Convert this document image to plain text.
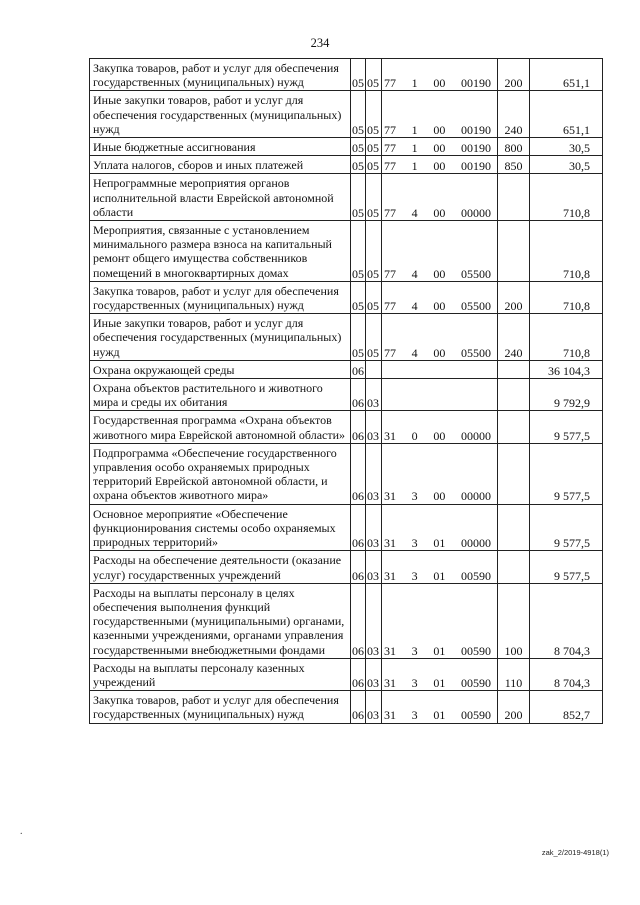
234
Закупка товаров, работ и услуг для обеспечения государственных (муниципальных) нужд	05	05	77 1 00 00190	200	651,1
Иные закупки товаров, работ и услуг для обеспечения государственных (муниципальных) нужд	05	05	77 1 00 00190	240	651,1
Иные бюджетные ассигнования	05	05	77 1 00 00190	800	30,5
Уплата налогов, сборов и иных платежей	05	05	77 1 00 00190	850	30,5
Непрограммные мероприятия органов исполнительной власти Еврейской автономной области	05	05	77 4 00 00000		710,8
Мероприятия, связанные с установлением минимального размера взноса на капитальный ремонт общего имущества собственников помещений в многоквартирных домах	05	05	77 4 00 05500		710,8
Закупка товаров, работ и услуг для обеспечения государственных (муниципальных) нужд	05	05	77 4 00 05500	200	710,8
Иные закупки товаров, работ и услуг для обеспечения государственных (муниципальных) нужд	05	05	77 4 00 05500	240	710,8
Охрана окружающей среды	06				36 104,3
Охрана объектов растительного и животного мира и среды их обитания	06	03			9 792,9
Государственная программа «Охрана объектов животного мира Еврейской автономной области»	06	03	31 0 00 00000		9 577,5
Подпрограмма «Обеспечение государственного управления особо охраняемых природных территорий Еврейской автономной области, и охрана объектов животного мира»	06	03	31 3 00 00000		9 577,5
Основное мероприятие «Обеспечение функционирования системы особо охраняемых природных территорий»	06	03	31 3 01 00000		9 577,5
Расходы на обеспечение деятельности (оказание услуг) государственных учреждений	06	03	31 3 01 00590		9 577,5
Расходы на выплаты персоналу в целях обеспечения выполнения функций государственными (муниципальными) органами, казенными учреждениями, органами управления государственными внебюджетными фондами	06	03	31 3 01 00590	100	8 704,3
Расходы на выплаты персоналу казенных учреждений	06	03	31 3 01 00590	110	8 704,3
Закупка товаров, работ и услуг для обеспечения государственных (муниципальных) нужд	06	03	31 3 01 00590	200	852,7
.
zak_2/2019-4918(1)
